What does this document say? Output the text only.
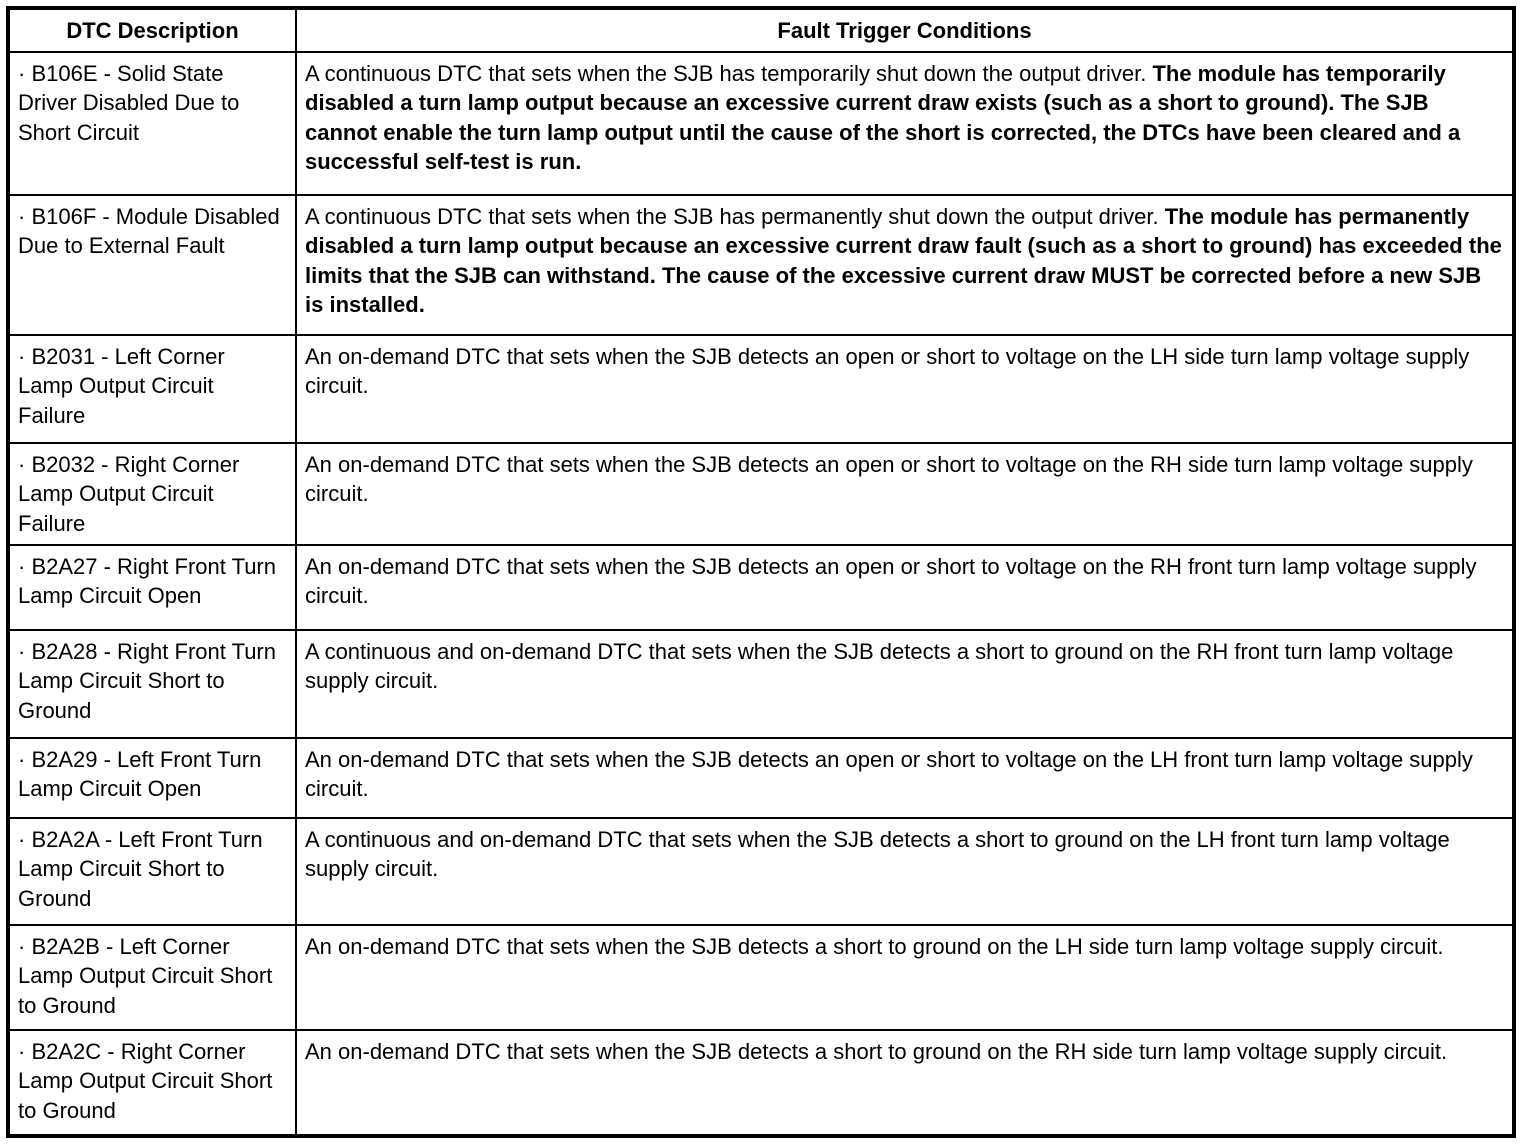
DTC Description	Fault Trigger Conditions
· B106E - Solid State Driver Disabled Due to Short Circuit	A continuous DTC that sets when the SJB has temporarily shut down the output driver. The module has temporarily disabled a turn lamp output because an excessive current draw exists (such as a short to ground). The SJB cannot enable the turn lamp output until the cause of the short is corrected, the DTCs have been cleared and a successful self-test is run.
· B106F - Module Disabled Due to External Fault	A continuous DTC that sets when the SJB has permanently shut down the output driver. The module has permanently disabled a turn lamp output because an excessive current draw fault (such as a short to ground) has exceeded the limits that the SJB can withstand. The cause of the excessive current draw MUST be corrected before a new SJB is installed.
· B2031 - Left Corner Lamp Output Circuit Failure	An on-demand DTC that sets when the SJB detects an open or short to voltage on the LH side turn lamp voltage supply circuit.
· B2032 - Right Corner Lamp Output Circuit Failure	An on-demand DTC that sets when the SJB detects an open or short to voltage on the RH side turn lamp voltage supply circuit.
· B2A27 - Right Front Turn Lamp Circuit Open	An on-demand DTC that sets when the SJB detects an open or short to voltage on the RH front turn lamp voltage supply circuit.
· B2A28 - Right Front Turn Lamp Circuit Short to Ground	A continuous and on-demand DTC that sets when the SJB detects a short to ground on the RH front turn lamp voltage supply circuit.
· B2A29 - Left Front Turn Lamp Circuit Open	An on-demand DTC that sets when the SJB detects an open or short to voltage on the LH front turn lamp voltage supply circuit.
· B2A2A - Left Front Turn Lamp Circuit Short to Ground	A continuous and on-demand DTC that sets when the SJB detects a short to ground on the LH front turn lamp voltage supply circuit.
· B2A2B - Left Corner Lamp Output Circuit Short to Ground	An on-demand DTC that sets when the SJB detects a short to ground on the LH side turn lamp voltage supply circuit.
· B2A2C - Right Corner Lamp Output Circuit Short to Ground	An on-demand DTC that sets when the SJB detects a short to ground on the RH side turn lamp voltage supply circuit.
